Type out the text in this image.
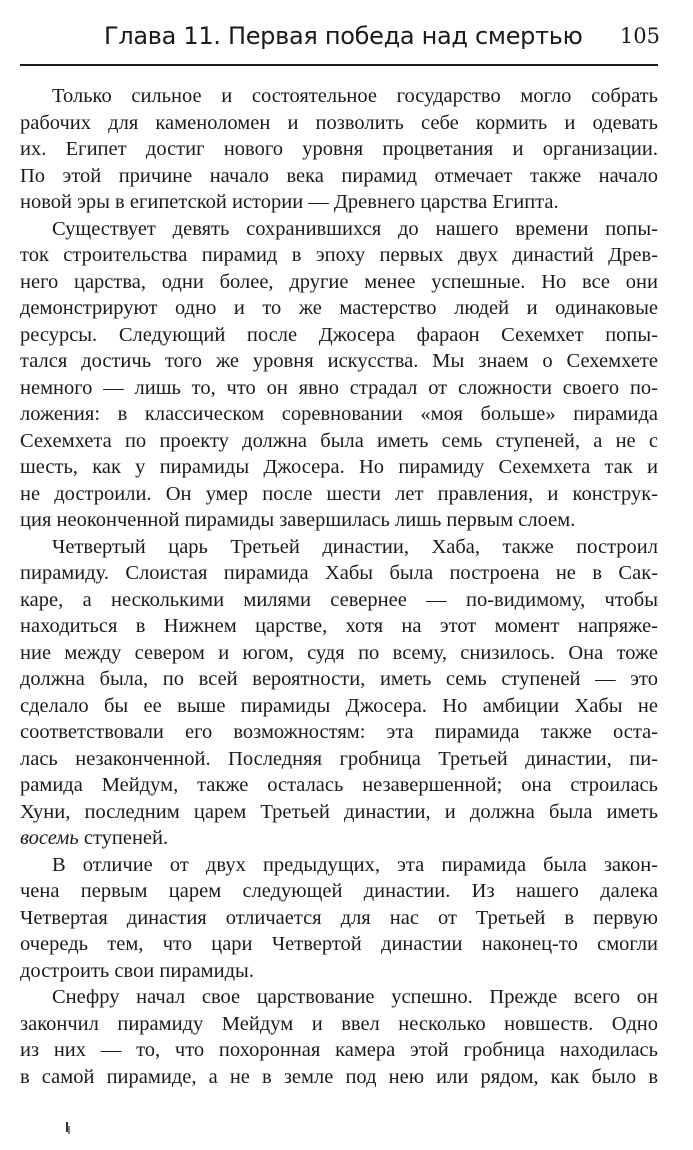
Глава 11. Первая победа над смертью 105
Только сильное и состоятельное государство могло собрать
рабочих для каменоломен и позволить себе кормить и одевать
их. Египет достиг нового уровня процветания и организации.
По этой причине начало века пирамид отмечает также начало
новой эры в египетской истории — Древнего царства Египта.
Существует девять сохранившихся до нашего времени попы-
ток строительства пирамид в эпоху первых двух династий Древ-
него царства, одни более, другие менее успешные. Но все они
демонстрируют одно и то же мастерство людей и одинаковые
ресурсы. Следующий после Джосера фараон Сехемхет попы-
тался достичь того же уровня искусства. Мы знаем о Сехемхете
немного — лишь то, что он явно страдал от сложности своего по-
ложения: в классическом соревновании «моя больше» пирамида
Сехемхета по проекту должна была иметь семь ступеней, а не с
шесть, как у пирамиды Джосера. Но пирамиду Сехемхета так и
не достроили. Он умер после шести лет правления, и конструк-
ция неоконченной пирамиды завершилась лишь первым слоем.
Четвертый царь Третьей династии, Хаба, также построил
пирамиду. Слоистая пирамида Хабы была построена не в Сак-
каре, а несколькими милями севернее — по-видимому, чтобы
находиться в Нижнем царстве, хотя на этот момент напряже-
ние между севером и югом, судя по всему, снизилось. Она тоже
должна была, по всей вероятности, иметь семь ступеней — это
сделало бы ее выше пирамиды Джосера. Но амбиции Хабы не
соответствовали его возможностям: эта пирамида также оста-
лась незаконченной. Последняя гробница Третьей династии, пи-
рамида Мейдум, также осталась незавершенной; она строилась
Хуни, последним царем Третьей династии, и должна была иметь
восемь ступеней.
В отличие от двух предыдущих, эта пирамида была закон-
чена первым царем следующей династии. Из нашего далека
Четвертая династия отличается для нас от Третьей в первую
очередь тем, что цари Четвертой династии наконец-то смогли
достроить свои пирамиды.
Снефру начал свое царствование успешно. Прежде всего он
закончил пирамиду Мейдум и ввел несколько новшеств. Одно
из них — то, что похоронная камера этой гробница находилась
в самой пирамиде, а не в земле под нею или рядом, как было в
